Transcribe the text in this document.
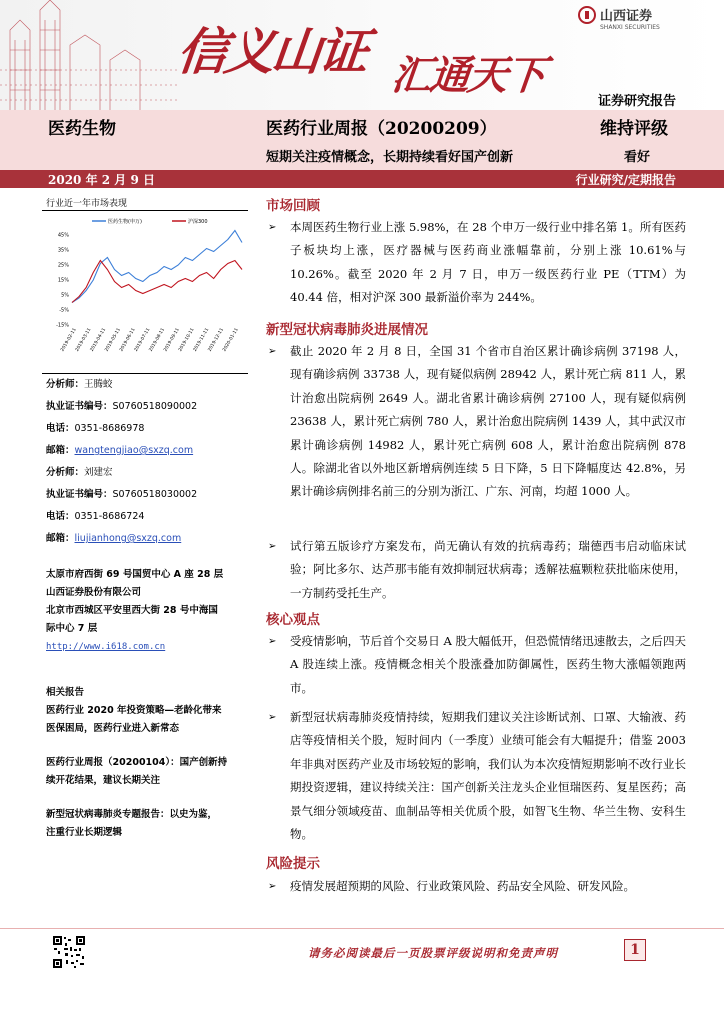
信义山证 汇通天下
山西证券
SHANXI SECURITIES
证券研究报告
医药生物	医药行业周报（20200209）	维持评级
短期关注疫情概念，长期持续看好国产创新	看好
2020 年 2 月 9 日	行业研究/定期报告
行业近一年市场表现
医药生物(申万)	沪深300
45%
35%
25%
15%
5%
-5%
-15%
2019-02-11
2019-03-11
2019-04-11
2019-05-11
2019-06-11
2019-07-11
2019-08-11
2019-09-11
2019-10-11
2019-11-11
2019-12-11
2020-01-11
分析师：王腾蛟
执业证书编号：S0760518090002
电话：0351-8686978
邮箱：wangtengjiao@sxzq.com
分析师：刘建宏
执业证书编号：S0760518030002
电话：0351-8686724
邮箱：liujianhong@sxzq.com
太原市府西街 69 号国贸中心 A 座 28 层
山西证券股份有限公司
北京市西城区平安里西大街 28 号中海国
际中心 7 层
http://www.i618.com.cn
相关报告
医药行业 2020 年投资策略—老龄化带来
医保困局，医药行业进入新常态
医药行业周报（20200104）：国产创新持
续开花结果，建议长期关注
新型冠状病毒肺炎专题报告：以史为鉴，
注重行业长期逻辑
市场回顾
➢	本周医药生物行业上涨 5.98%，在 28 个申万一级行业中排名第 1。所有医药子板块均上涨，医疗器械与医药商业涨幅靠前，分别上涨 10.61%与 10.26%。截至 2020 年 2 月 7 日，申万一级医药行业 PE（TTM）为 40.44 倍，相对沪深 300 最新溢价率为 244%。
新型冠状病毒肺炎进展情况
➢	截止 2020 年 2 月 8 日，全国 31 个省市自治区累计确诊病例 37198 人，现有确诊病例 33738 人，现有疑似病例 28942 人，累计死亡病 811 人，累计治愈出院病例 2649 人。湖北省累计确诊病例 27100 人，现有疑似病例 23638 人，累计死亡病例 780 人，累计治愈出院病例 1439 人，其中武汉市累计确诊病例 14982 人，累计死亡病例 608 人，累计治愈出院病例 878 人。除湖北省以外地区新增病例连续 5 日下降，5 日下降幅度达 42.8%，另累计确诊病例排名前三的分别为浙江、广东、河南，均超 1000 人。
➢	试行第五版诊疗方案发布，尚无确认有效的抗病毒药；瑞德西韦启动临床试验；阿比多尔、达芦那韦能有效抑制冠状病毒；透解祛瘟颗粒获批临床使用，一方制药受托生产。
核心观点
➢	受疫情影响，节后首个交易日 A 股大幅低开，但恐慌情绪迅速散去，之后四天 A 股连续上涨。疫情概念相关个股涨叠加防御属性，医药生物大涨幅领跑两市。
➢	新型冠状病毒肺炎疫情持续，短期我们建议关注诊断试剂、口罩、大输液、药店等疫情相关个股，短时间内（一季度）业绩可能会有大幅提升；借鉴 2003 年非典对医药产业及市场较短的影响，我们认为本次疫情短期影响不改行业长期投资逻辑，建议持续关注：国产创新关注龙头企业恒瑞医药、复星医药；高景气细分领域疫苗、血制品等相关优质个股，如智飞生物、华兰生物、安科生物。
风险提示
➢	疫情发展超预期的风险、行业政策风险、药品安全风险、研发风险。
请务必阅读最后一页股票评级说明和免责声明	1
